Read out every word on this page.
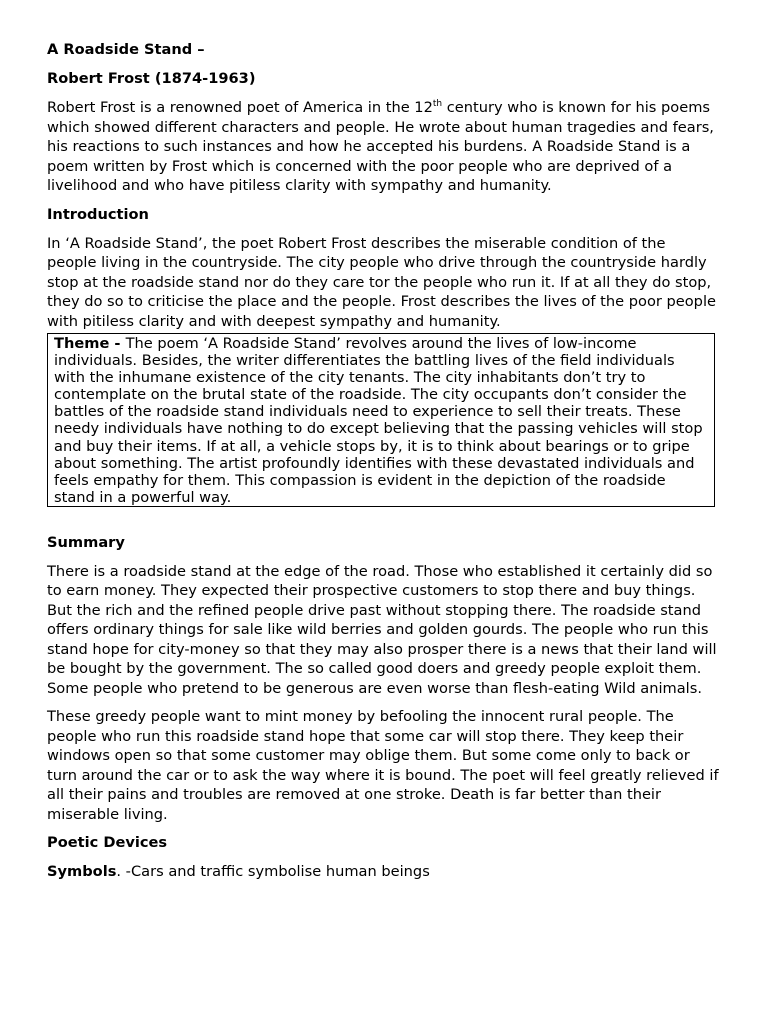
A Roadside Stand –

Robert Frost (1874-1963)

Robert Frost is a renowned poet of America in the 12th century who is known for his poems which showed different characters and people. He wrote about human tragedies and fears, his reactions to such instances and how he accepted his burdens. A Roadside Stand is a poem written by Frost which is concerned with the poor people who are deprived of a livelihood and who have pitiless clarity with sympathy and humanity.

Introduction

In ‘A Roadside Stand’, the poet Robert Frost describes the miserable condition of the people living in the countryside. The city people who drive through the countryside hardly stop at the roadside stand nor do they care tor the people who run it. If at all they do stop, they do so to criticise the place and the people. Frost describes the lives of the poor people with pitiless clarity and with deepest sympathy and humanity.

Theme - The poem ‘A Roadside Stand’ revolves around the lives of low-income individuals. Besides, the writer differentiates the battling lives of the field individuals with the inhumane existence of the city tenants. The city inhabitants don’t try to contemplate on the brutal state of the roadside. The city occupants don’t consider the battles of the roadside stand individuals need to experience to sell their treats. These needy individuals have nothing to do except believing that the passing vehicles will stop and buy their items. If at all, a vehicle stops by, it is to think about bearings or to gripe about something. The artist profoundly identifies with these devastated individuals and feels empathy for them. This compassion is evident in the depiction of the roadside stand in a powerful way.

Summary

There is a roadside stand at the edge of the road. Those who established it certainly did so to earn money. They expected their prospective customers to stop there and buy things. But the rich and the refined people drive past without stopping there. The roadside stand offers ordinary things for sale like wild berries and golden gourds. The people who run this stand hope for city-money so that they may also prosper there is a news that their land will be bought by the government. The so called good doers and greedy people exploit them. Some people who pretend to be generous are even worse than flesh-eating Wild animals.

These greedy people want to mint money by befooling the innocent rural people. The people who run this roadside stand hope that some car will stop there. They keep their windows open so that some customer may oblige them. But some come only to back or turn around the car or to ask the way where it is bound. The poet will feel greatly relieved if all their pains and troubles are removed at one stroke. Death is far better than their miserable living.

Poetic Devices

Symbols. -Cars and traffic symbolise human beings
